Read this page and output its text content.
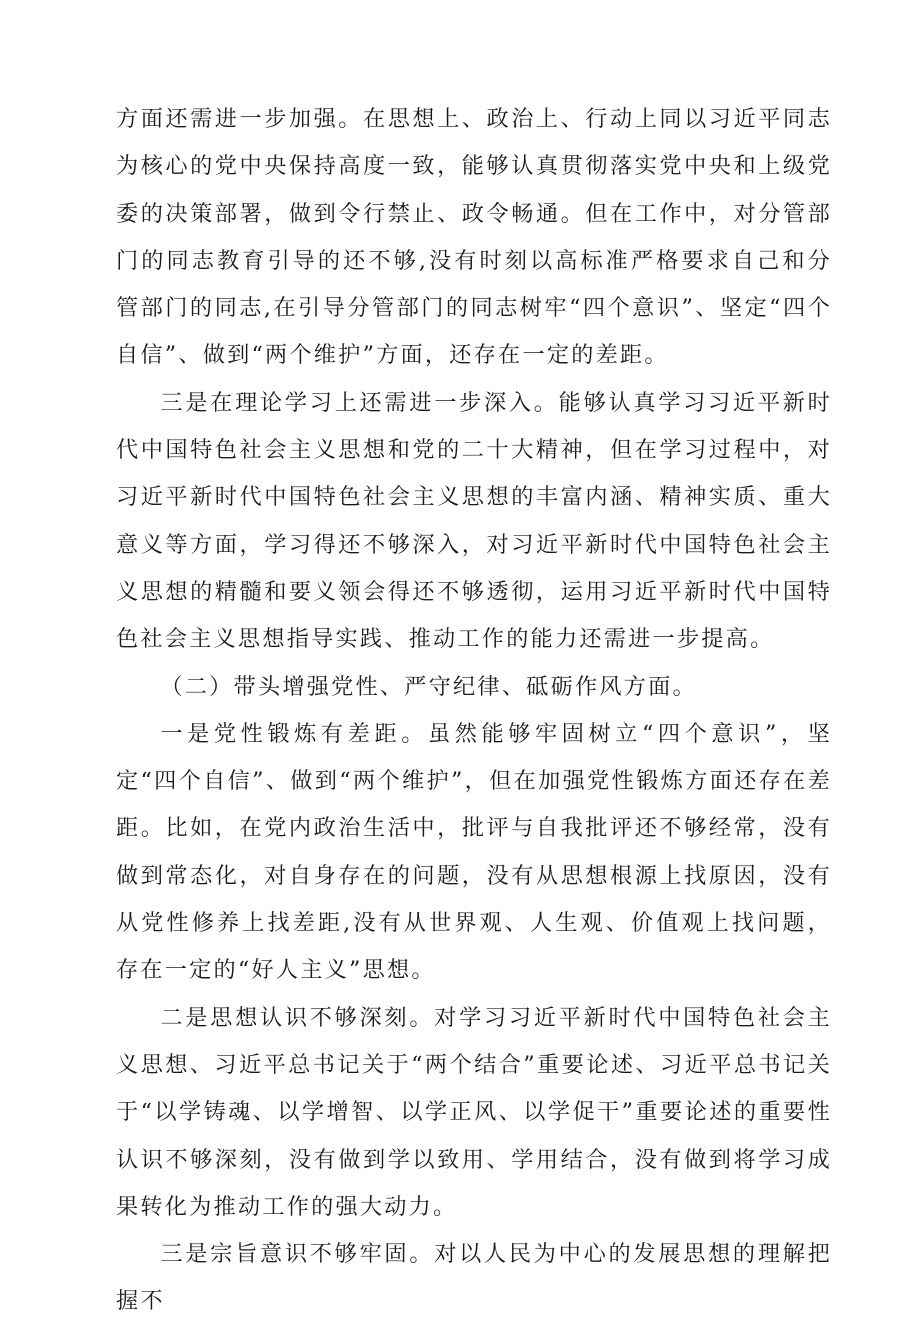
方面还需进一步加强。在思想上、政治上、行动上同以习近平同志为核心的党中央保持高度一致，能够认真贯彻落实党中央和上级党委的决策部署，做到令行禁止、政令畅通。但在工作中，对分管部门的同志教育引导的还不够,没有时刻以高标准严格要求自己和分管部门的同志,在引导分管部门的同志树牢“四个意识”、坚定“四个自信”、做到“两个维护”方面，还存在一定的差距。

三是在理论学习上还需进一步深入。能够认真学习习近平新时代中国特色社会主义思想和党的二十大精神，但在学习过程中，对习近平新时代中国特色社会主义思想的丰富内涵、精神实质、重大意义等方面，学习得还不够深入，对习近平新时代中国特色社会主义思想的精髓和要义领会得还不够透彻，运用习近平新时代中国特色社会主义思想指导实践、推动工作的能力还需进一步提高。

（二）带头增强党性、严守纪律、砥砺作风方面。

一是党性锻炼有差距。虽然能够牢固树立“四个意识”，坚定“四个自信”、做到“两个维护”，但在加强党性锻炼方面还存在差距。比如，在党内政治生活中，批评与自我批评还不够经常，没有做到常态化，对自身存在的问题，没有从思想根源上找原因，没有从党性修养上找差距,没有从世界观、人生观、价值观上找问题，存在一定的“好人主义”思想。

二是思想认识不够深刻。对学习习近平新时代中国特色社会主义思想、习近平总书记关于“两个结合”重要论述、习近平总书记关于“以学铸魂、以学增智、以学正风、以学促干”重要论述的重要性认识不够深刻，没有做到学以致用、学用结合，没有做到将学习成果转化为推动工作的强大动力。

三是宗旨意识不够牢固。对以人民为中心的发展思想的理解把握不
